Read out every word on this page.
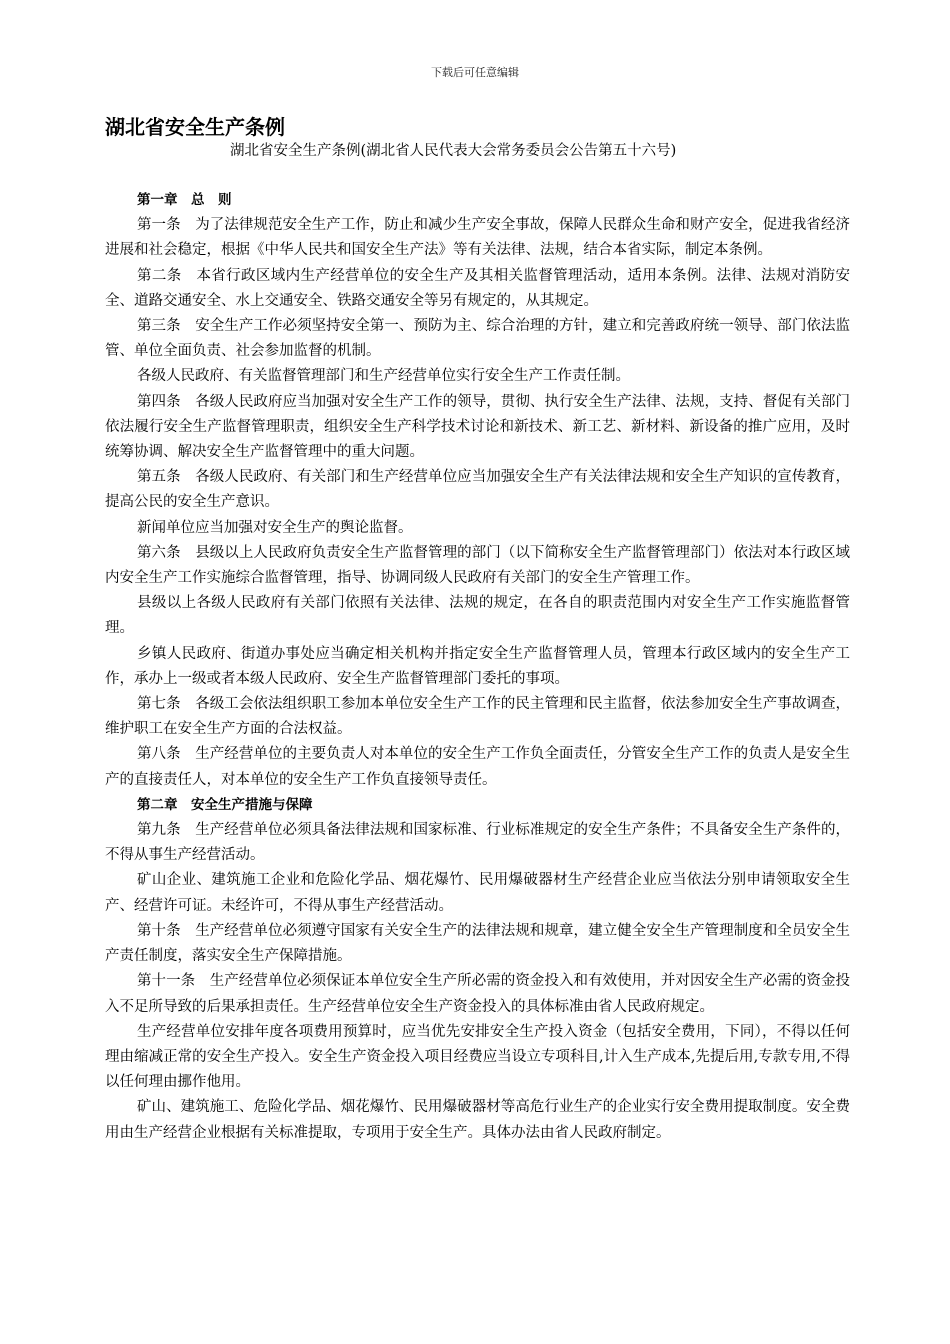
下载后可任意编辑
湖北省安全生产条例
湖北省安全生产条例(湖北省人民代表大会常务委员会公告第五十六号)

第一章　总　则

第一条　为了法律规范安全生产工作，防止和减少生产安全事故，保障人民群众生命和财产安全，促进我省经济进展和社会稳定，根据《中华人民共和国安全生产法》等有关法律、法规，结合本省实际，制定本条例。

第二条　本省行政区域内生产经营单位的安全生产及其相关监督管理活动，适用本条例。法律、法规对消防安全、道路交通安全、水上交通安全、铁路交通安全等另有规定的，从其规定。

第三条　安全生产工作必须坚持安全第一、预防为主、综合治理的方针，建立和完善政府统一领导、部门依法监管、单位全面负责、社会参加监督的机制。

各级人民政府、有关监督管理部门和生产经营单位实行安全生产工作责任制。

第四条　各级人民政府应当加强对安全生产工作的领导，贯彻、执行安全生产法律、法规，支持、督促有关部门依法履行安全生产监督管理职责，组织安全生产科学技术讨论和新技术、新工艺、新材料、新设备的推广应用，及时统筹协调、解决安全生产监督管理中的重大问题。

第五条　各级人民政府、有关部门和生产经营单位应当加强安全生产有关法律法规和安全生产知识的宣传教育，提高公民的安全生产意识。

新闻单位应当加强对安全生产的舆论监督。

第六条　县级以上人民政府负责安全生产监督管理的部门（以下简称安全生产监督管理部门）依法对本行政区域内安全生产工作实施综合监督管理，指导、协调同级人民政府有关部门的安全生产管理工作。

县级以上各级人民政府有关部门依照有关法律、法规的规定，在各自的职责范围内对安全生产工作实施监督管理。

乡镇人民政府、街道办事处应当确定相关机构并指定安全生产监督管理人员，管理本行政区域内的安全生产工作，承办上一级或者本级人民政府、安全生产监督管理部门委托的事项。

第七条　各级工会依法组织职工参加本单位安全生产工作的民主管理和民主监督，依法参加安全生产事故调查，维护职工在安全生产方面的合法权益。

第八条　生产经营单位的主要负责人对本单位的安全生产工作负全面责任，分管安全生产工作的负责人是安全生产的直接责任人，对本单位的安全生产工作负直接领导责任。

第二章　安全生产措施与保障

第九条　生产经营单位必须具备法律法规和国家标准、行业标准规定的安全生产条件；不具备安全生产条件的，不得从事生产经营活动。

矿山企业、建筑施工企业和危险化学品、烟花爆竹、民用爆破器材生产经营企业应当依法分别申请领取安全生产、经营许可证。未经许可，不得从事生产经营活动。

第十条　生产经营单位必须遵守国家有关安全生产的法律法规和规章，建立健全安全生产管理制度和全员安全生产责任制度，落实安全生产保障措施。

第十一条　生产经营单位必须保证本单位安全生产所必需的资金投入和有效使用，并对因安全生产必需的资金投入不足所导致的后果承担责任。生产经营单位安全生产资金投入的具体标准由省人民政府规定。

生产经营单位安排年度各项费用预算时，应当优先安排安全生产投入资金（包括安全费用，下同），不得以任何理由缩减正常的安全生产投入。安全生产资金投入项目经费应当设立专项科目,计入生产成本,先提后用,专款专用,不得以任何理由挪作他用。

矿山、建筑施工、危险化学品、烟花爆竹、民用爆破器材等高危行业生产的企业实行安全费用提取制度。安全费用由生产经营企业根据有关标准提取，专项用于安全生产。具体办法由省人民政府制定。
